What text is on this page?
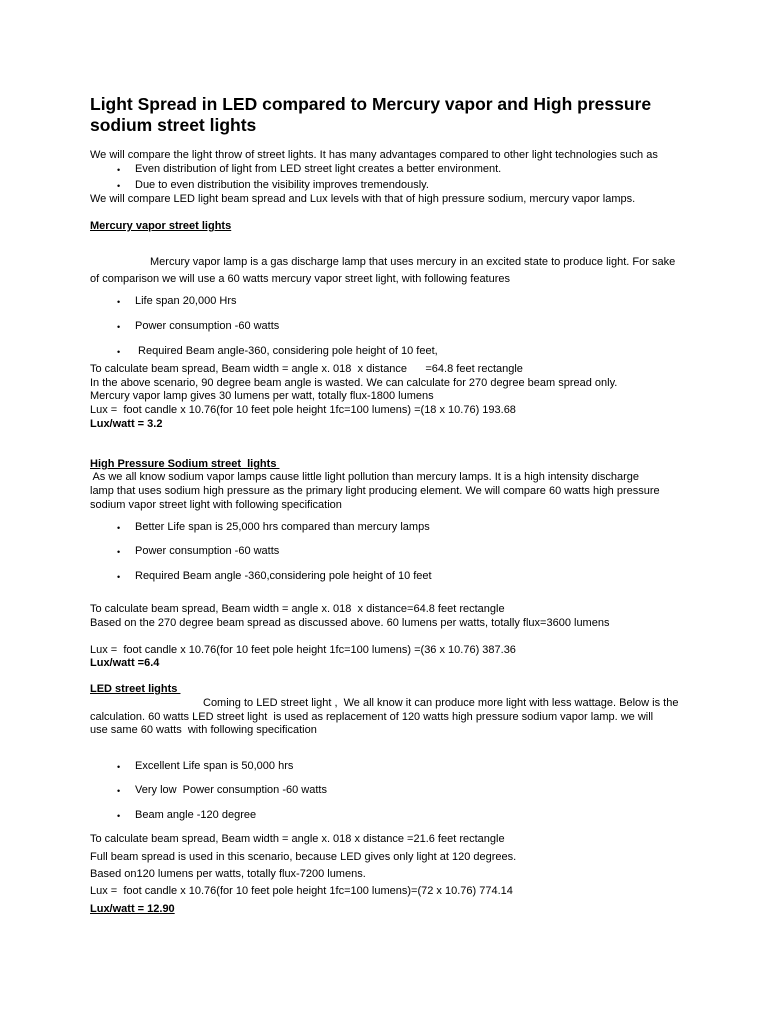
Light Spread in LED compared to Mercury vapor and High pressure
sodium street lights
We will compare the light throw of street lights. It has many advantages compared to other light technologies such as
• Even distribution of light from LED street light creates a better environment.
• Due to even distribution the visibility improves tremendously.
We will compare LED light beam spread and Lux levels with that of high pressure sodium, mercury vapor lamps.
Mercury vapor street lights
Mercury vapor lamp is a gas discharge lamp that uses mercury in an excited state to produce light. For sake
of comparison we will use a 60 watts mercury vapor street light, with following features
• Life span 20,000 Hrs
• Power consumption -60 watts
• Required Beam angle-360, considering pole height of 10 feet,
To calculate beam spread, Beam width = angle x. 018  x distance      =64.8 feet rectangle
In the above scenario, 90 degree beam angle is wasted. We can calculate for 270 degree beam spread only.
Mercury vapor lamp gives 30 lumens per watt, totally flux-1800 lumens
Lux =  foot candle x 10.76(for 10 feet pole height 1fc=100 lumens) =(18 x 10.76) 193.68
Lux/watt = 3.2
High Pressure Sodium street  lights
As we all know sodium vapor lamps cause little light pollution than mercury lamps. It is a high intensity discharge
lamp that uses sodium high pressure as the primary light producing element. We will compare 60 watts high pressure
sodium vapor street light with following specification
• Better Life span is 25,000 hrs compared than mercury lamps
• Power consumption -60 watts
• Required Beam angle -360,considering pole height of 10 feet
To calculate beam spread, Beam width = angle x. 018  x distance=64.8 feet rectangle
Based on the 270 degree beam spread as discussed above. 60 lumens per watts, totally flux=3600 lumens
Lux =  foot candle x 10.76(for 10 feet pole height 1fc=100 lumens) =(36 x 10.76) 387.36
Lux/watt =6.4
LED street lights
Coming to LED street light ,  We all know it can produce more light with less wattage. Below is the
calculation. 60 watts LED street light  is used as replacement of 120 watts high pressure sodium vapor lamp. we will
use same 60 watts  with following specification
• Excellent Life span is 50,000 hrs
• Very low  Power consumption -60 watts
• Beam angle -120 degree
To calculate beam spread, Beam width = angle x. 018 x distance =21.6 feet rectangle
Full beam spread is used in this scenario, because LED gives only light at 120 degrees.
Based on120 lumens per watts, totally flux-7200 lumens.
Lux =  foot candle x 10.76(for 10 feet pole height 1fc=100 lumens)=(72 x 10.76) 774.14
Lux/watt = 12.90
